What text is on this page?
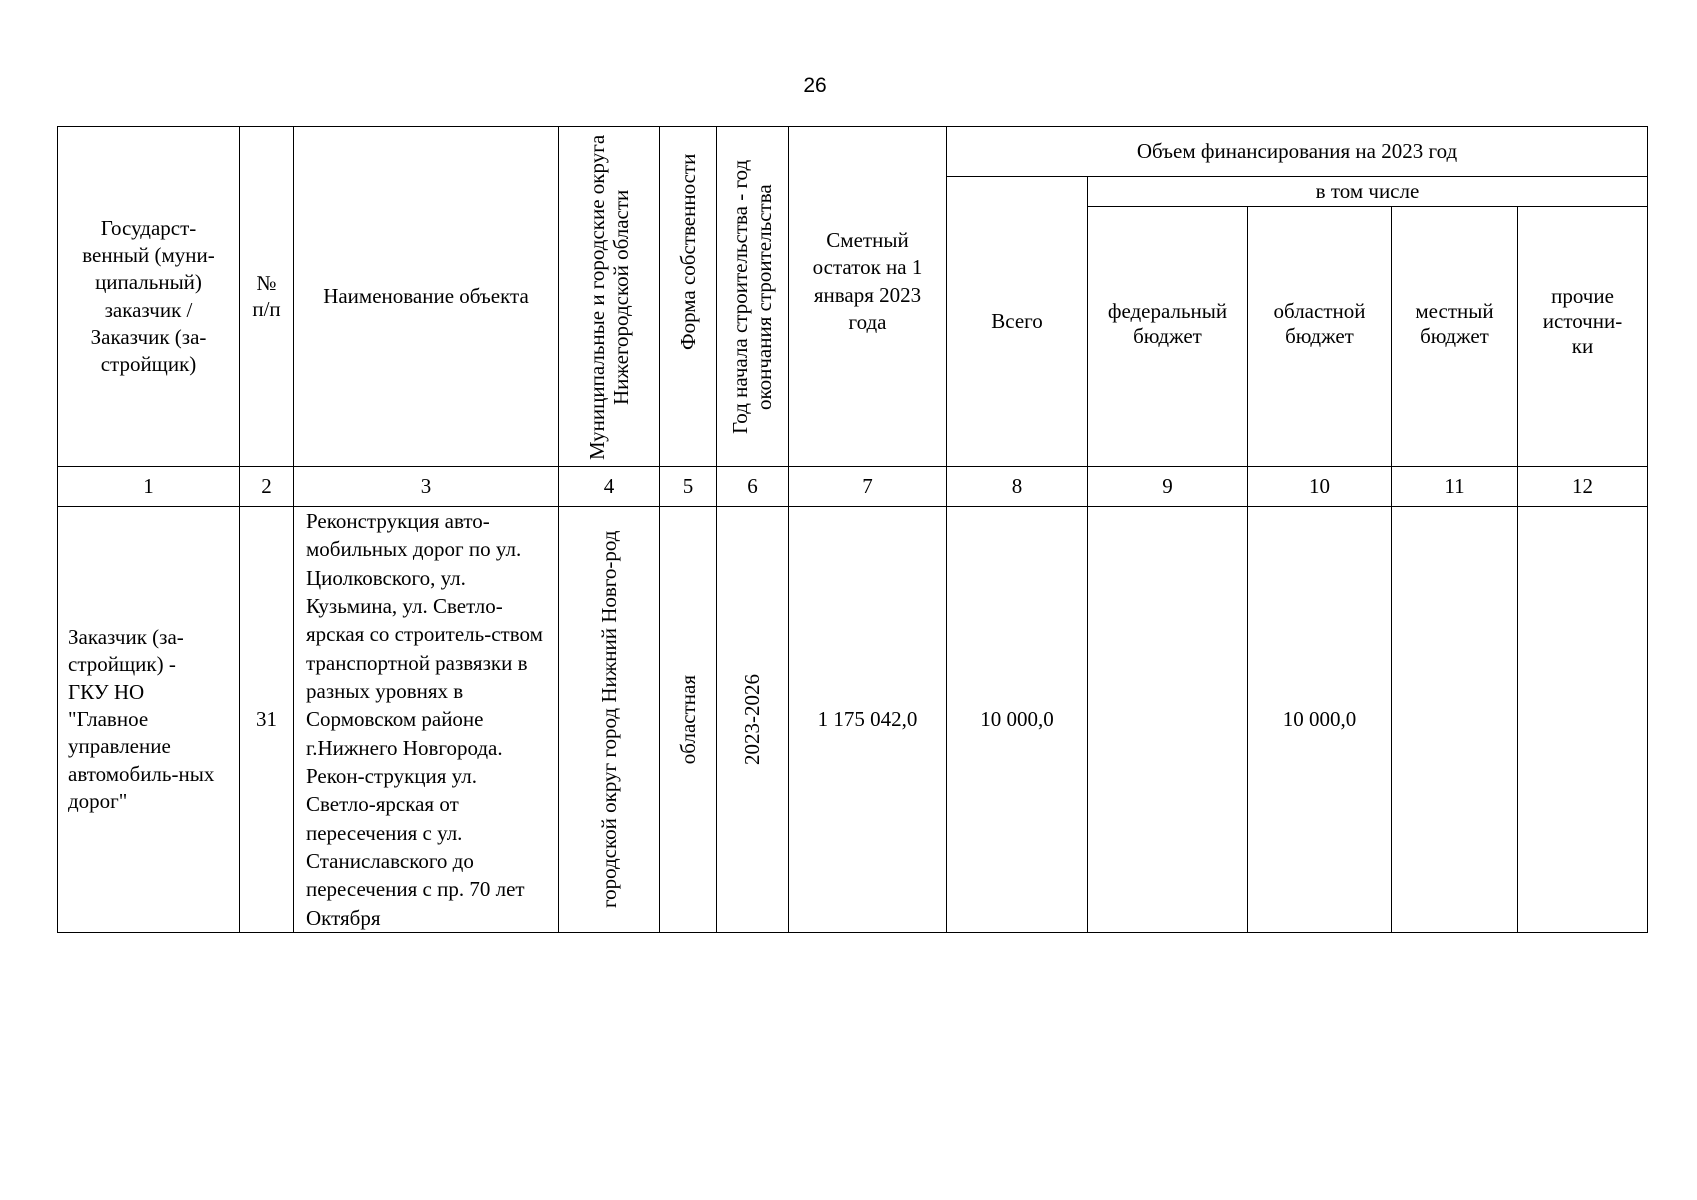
26
Государст-венный (муни-ципальный) заказчик / Заказчик (за-стройщик)	№ п/п	Наименование объекта	Муниципальные и городские округа Нижегородской области	Форма собственности	Год начала строительства - год окончания строительства	Сметный остаток на 1 января 2023 года	Объем финансирования на 2023 год				
							Всего	в том числе			
								федеральный бюджет	областной бюджет	местный бюджет	прочие источни-ки
1	2	3	4	5	6	7	8	9	10	11	12
Заказчик (за-стройщик) - ГКУ НО "Главное управление автомобиль-ных дорог"	31	Реконструкция авто-мобильных дорог по ул. Циолковского, ул. Кузьмина, ул. Светло-ярская со строитель-ством транспортной развязки в разных уровнях в Сормовском районе г.Нижнего Новгорода. Рекон-струкция ул. Светло-ярская от пересечения с ул. Станиславского до пересечения с пр. 70 лет Октября	городской округ город Нижний Новго-род	областная	2023-2026	1 175 042,0	10 000,0		10 000,0		
